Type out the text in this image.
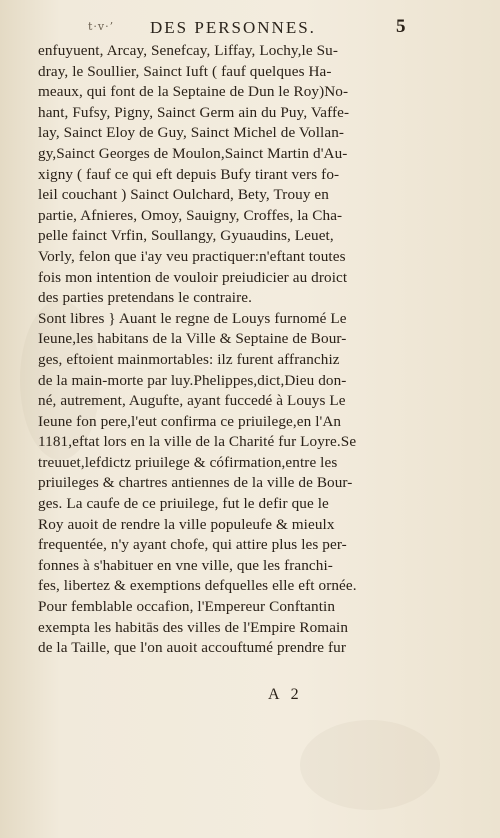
t·v·’ DES PERSONNES.	5
enfuyuent, Arcay, Senefcay, Liffay, Lochy,le Su-
dray, le Soullier, Sainct Iuft ( fauf quelques Ha-
meaux, qui font de la Septaine de Dun le Roy)No-
hant, Fufsy, Pigny, Sainct Germ ain du Puy, Vaffe-
lay, Sainct Eloy de Guy, Sainct Michel de Vollan-
gy,Sainct Georges de Moulon,Sainct Martin d'Au-
xigny ( fauf ce qui eft depuis Bufy tirant vers fo-
leil couchant ) Sainct Oulchard, Bety, Trouy en
partie, Afnieres, Omoy, Sauigny, Croffes, la Cha-
pelle fainct Vrfin, Soullangy, Gyuaudins, Leuet,
Vorly, felon que i'ay veu practiquer:n'eftant toutes
fois mon intention de vouloir preiudicier au droict
des parties pretendans le contraire.
Sont libres } Auant le regne de Louys furnomé Le
Ieune,les habitans de la Ville & Septaine de Bour-
ges, eftoient mainmortables: ilz furent affranchiz
de la main-morte par luy.Phelippes,dict,Dieu don-
né, autrement, Augufte, ayant fuccedé à Louys Le
Ieune fon pere,l'eut confirma ce priuilege,en l'An
1181,eftat lors en la ville de la Charité fur Loyre.Se
treuuet,lefdictz priuilege & cófirmation,entre les
priuileges & chartres antiennes de la ville de Bour-
ges. La caufe de ce priuilege, fut le defir que le
Roy auoit de rendre la ville populeufe & mieulx
frequentée, n'y ayant chofe, qui attire plus les per-
fonnes à s'habituer en vne ville, que les franchi-
fes, libertez & exemptions defquelles elle eft ornée.
Pour femblable occafion, l'Empereur Conftantin
exempta les habitās des villes de l'Empire Romain
de la Taille, que l'on auoit accouftumé prendre fur
A 2
